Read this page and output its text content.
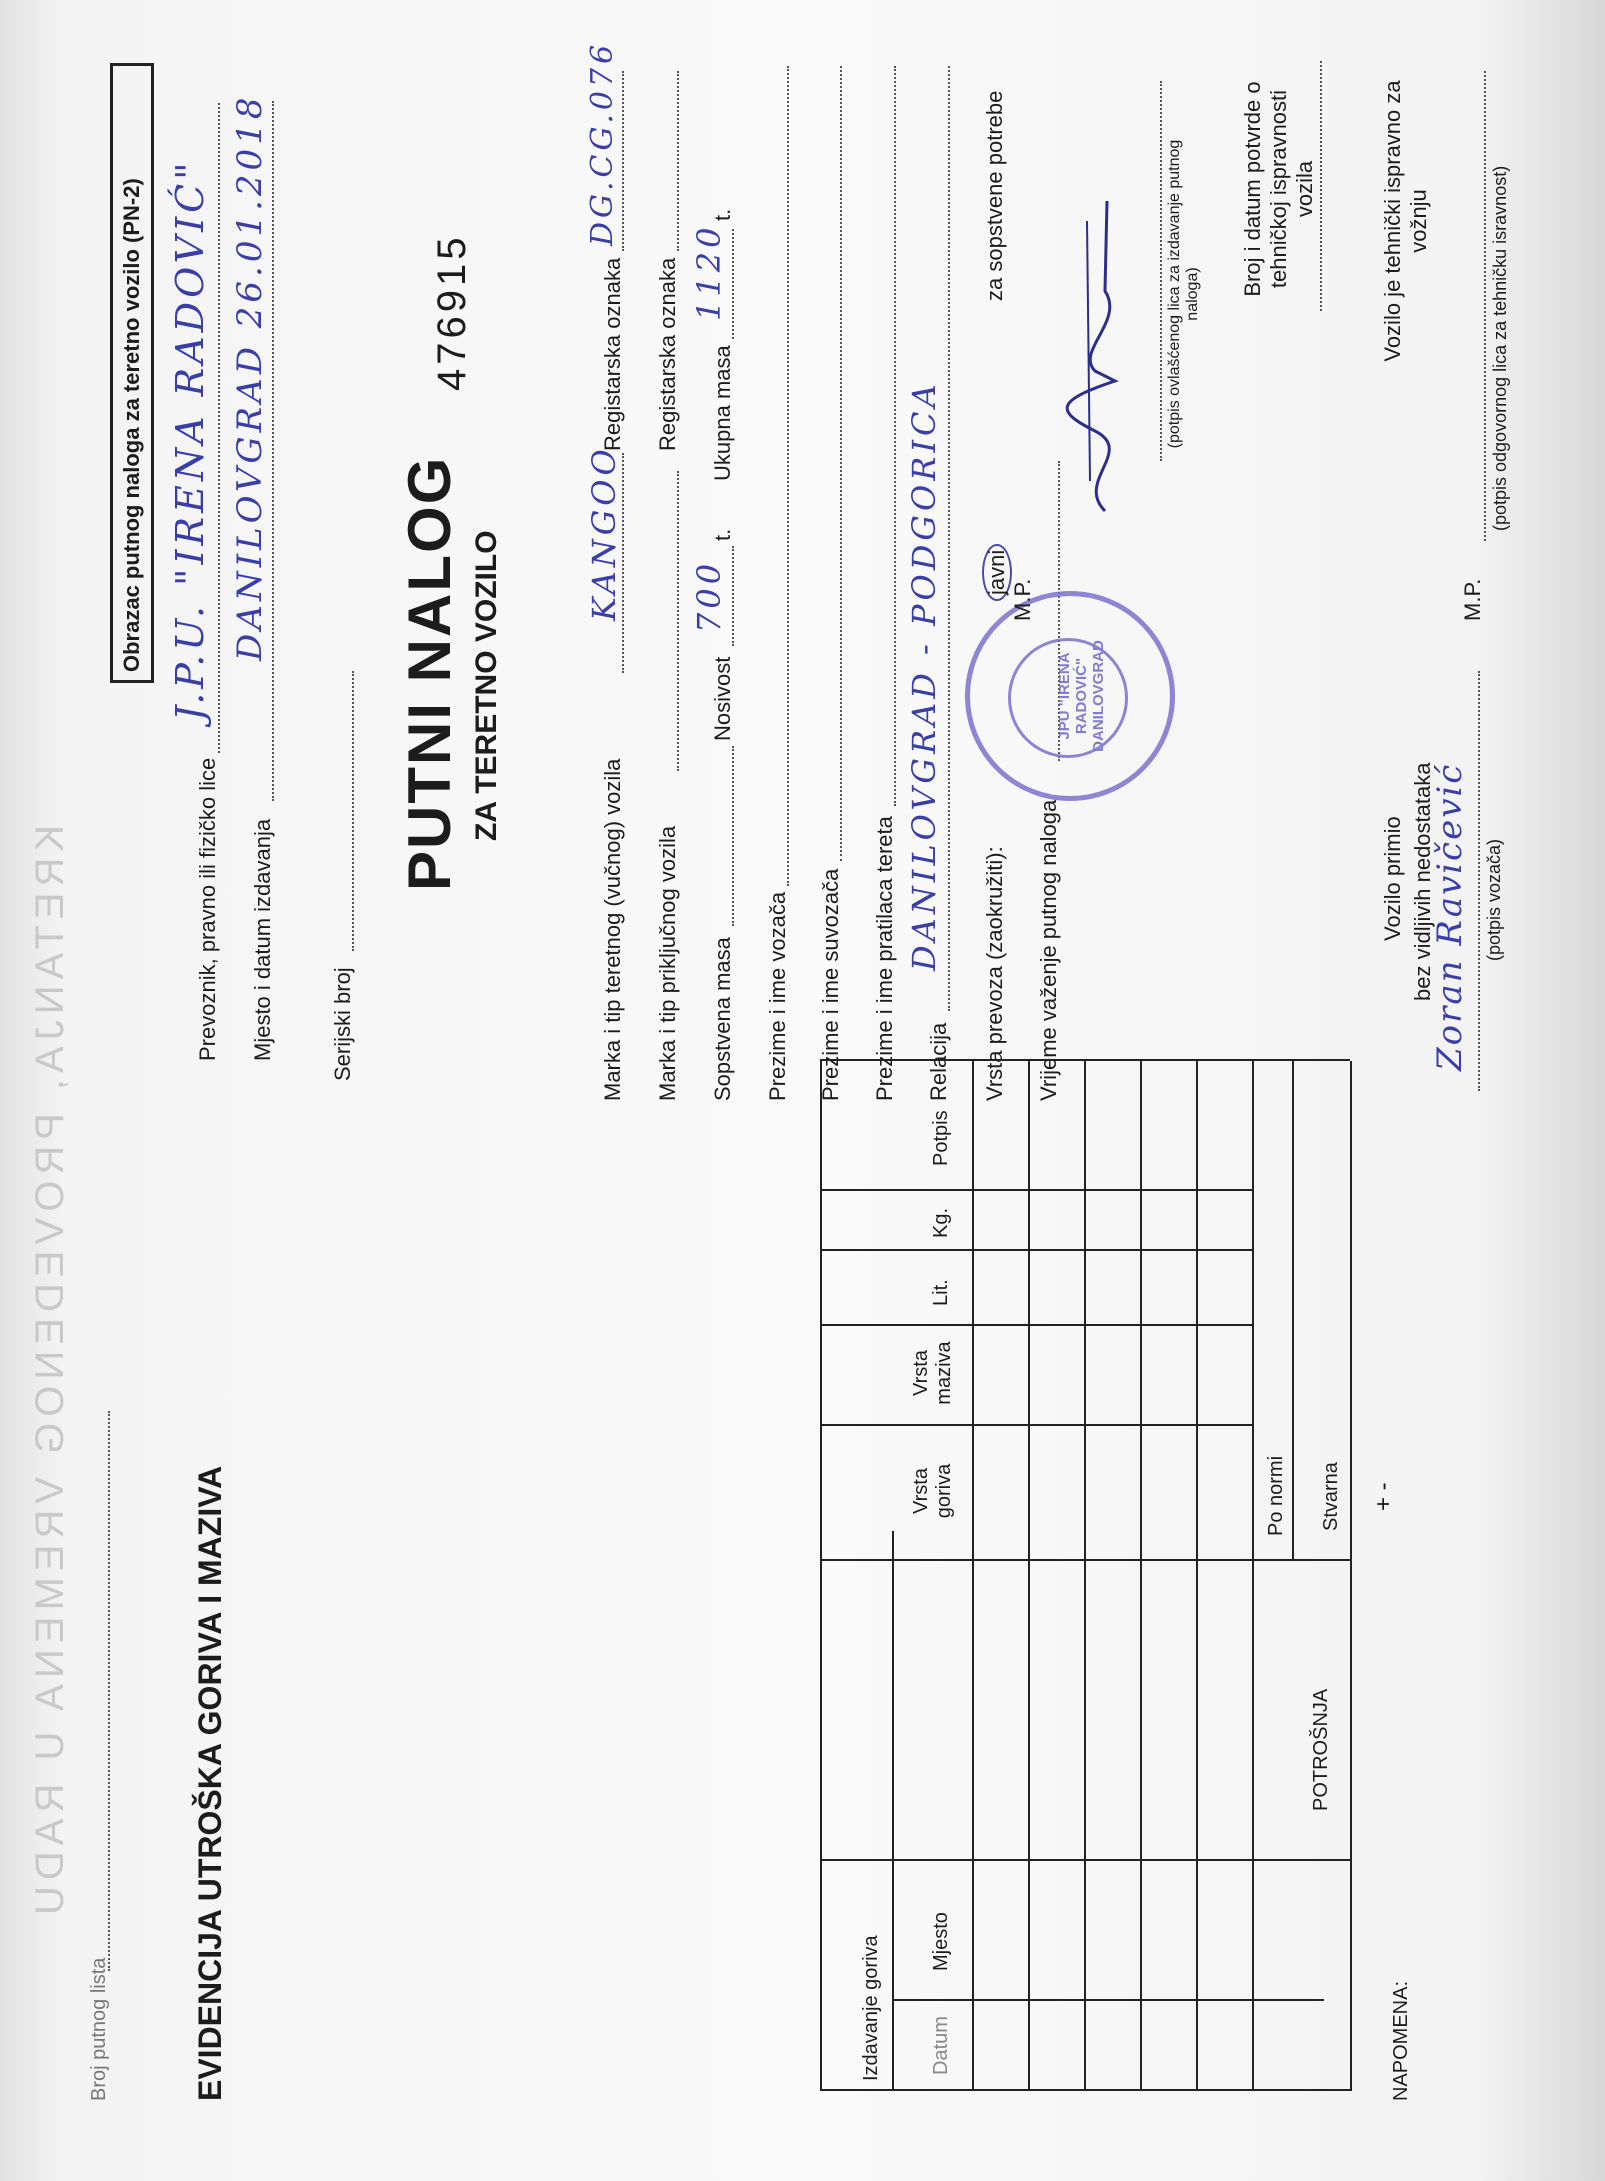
KRETANJA, PROVEDENOG VREMENA U RADU
Broj putnog lista
Obrazac putnog naloga za teretno vozilo (PN-2)
EVIDENCIJA UTROŠKA GORIVA I MAZIVA
Prevoznik, pravno ili fizičko lice
J.P.U. "IRENA RADOVIĆ"
Mjesto i datum izdavanja
DANILOVGRAD 26.01.2018
Serijski broj
PUTNI NALOG ZA TERETNO VOZILO
476915
Marka i tip teretnog (vučnog) vozila
KANGOO
Registarska oznaka
DG.CG.076
Marka i tip priključnog vozila
Registarska oznaka
Sopstvena masa
Nosivost
700
t.
Ukupna masa
1120
t.
Prezime i ime vozača Prezime i ime suvozača Prezime i ime pratilaca tereta Relacija
DANILOVGRAD - PODGORICA
Vrsta prevoza (zaokružiti):
javni
za sopstvene potrebe
Vrijeme važenje putnog naloga
JPU "IRENA RADOVIĆ" DANILOVGRAD
M.P.
(potpis ovlašćenog lica za izdavanje putnog naloga) Broj i datum potvrde o tehničkoj ispravnosti vozila	Vozilo je tehnički ispravno za vožnju
M.P.
(potpis odgovornog lica za tehničku isravnost)
Vozilo primio bez vidljivih nedostataka
Zoran Ravičević (potpis vozača)
Izdavanje goriva Datum
Mjesto
Vrsta goriva
Vrsta maziva
Lit.
Kg.
Potpis
POTROŠNJA
Po normi Stvarna + -
NAPOMENA:
